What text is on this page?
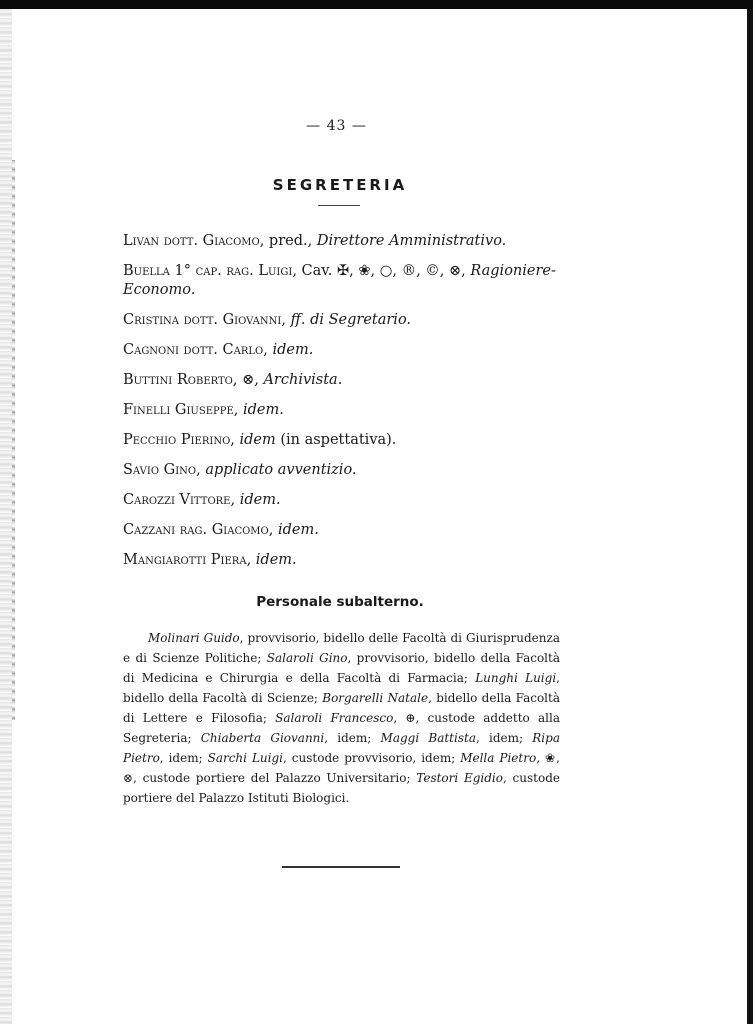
— 43 —
SEGRETERIA
Livan dott. Giacomo, pred., Direttore Amministrativo.
Buella 1° cap. rag. Luigi, Cav. ✠, ❀, ○, ®, ©, ⊗, Ragioniere-Economo.
Cristina dott. Giovanni, ff. di Segretario.
Cagnoni dott. Carlo, idem.
Buttini Roberto, ⊗, Archivista.
Finelli Giuseppe, idem.
Pecchio Pierino, idem (in aspettativa).
Savio Gino, applicato avventizio.
Carozzi Vittore, idem.
Cazzani rag. Giacomo, idem.
Mangiarotti Piera, idem.
Personale subalterno.
Molinari Guido, provvisorio, bidello delle Facoltà di Giurisprudenza e di Scienze Politiche; Salaroli Gino, provvisorio, bidello della Facoltà di Medicina e Chirurgia e della Facoltà di Farmacia; Lunghi Luigi, bidello della Facoltà di Scienze; Borgarelli Natale, bidello della Facoltà di Lettere e Filosofia; Salaroli Francesco, ⊕, custode addetto alla Segreteria; Chiaberta Giovanni, idem; Maggi Battista, idem; Ripa Pietro, idem; Sarchi Luigi, custode provvisorio, idem; Mella Pietro, ❀, ⊗, custode portiere del Palazzo Universitario; Testori Egidio, custode portiere del Palazzo Istituti Biologici.
